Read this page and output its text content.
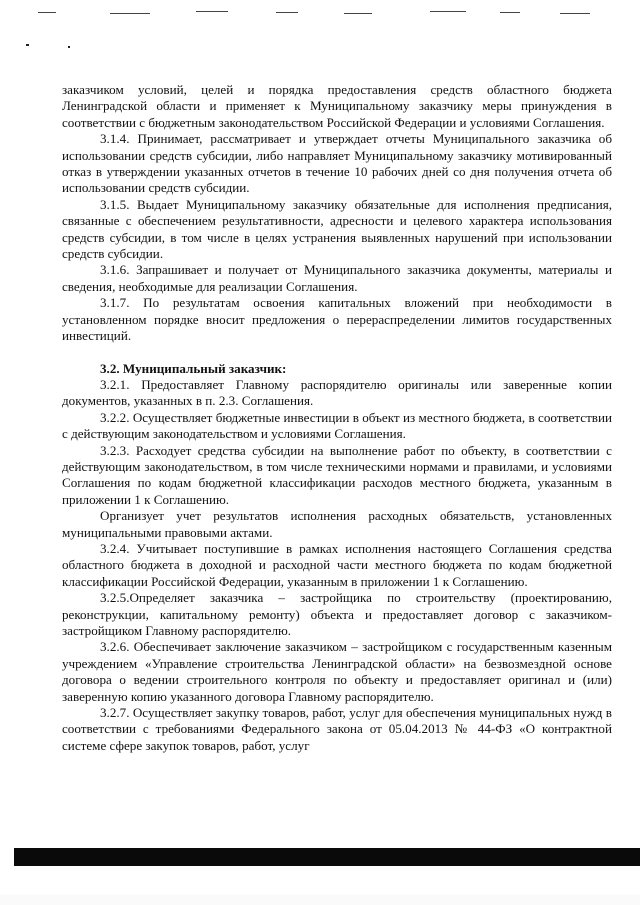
заказчиком условий, целей и порядка предоставления средств областного бюджета Ленинградской области и применяет к Муниципальному заказчику меры принуждения в соответствии с бюджетным законодательством Российской Федерации и условиями Соглашения.

3.1.4. Принимает, рассматривает и утверждает отчеты Муниципального заказчика об использовании средств субсидии, либо направляет Муниципальному заказчику мотивированный отказ в утверждении указанных отчетов в течение 10 рабочих дней со дня получения отчета об использовании средств субсидии.

3.1.5. Выдает Муниципальному заказчику обязательные для исполнения предписания, связанные с обеспечением результативности, адресности и целевого характера использования средств субсидии, в том числе в целях устранения выявленных нарушений при использовании средств субсидии.

3.1.6. Запрашивает и получает от Муниципального заказчика документы, материалы и сведения, необходимые для реализации Соглашения.

3.1.7. По результатам освоения капитальных вложений при необходимости в установленном порядке вносит предложения о перераспределении лимитов государственных инвестиций.

3.2. Муниципальный заказчик:

3.2.1. Предоставляет Главному распорядителю оригиналы или заверенные копии документов, указанных в п. 2.3. Соглашения.

3.2.2. Осуществляет бюджетные инвестиции в объект из местного бюджета, в соответствии с действующим законодательством и условиями Соглашения.

3.2.3. Расходует средства субсидии на выполнение работ по объекту, в соответствии с действующим законодательством, в том числе техническими нормами и правилами, и условиями Соглашения по кодам бюджетной классификации расходов местного бюджета, указанным в приложении 1 к Соглашению.

Организует учет результатов исполнения расходных обязательств, установленных муниципальными правовыми актами.

3.2.4. Учитывает поступившие в рамках исполнения настоящего Соглашения средства областного бюджета в доходной и расходной части местного бюджета по кодам бюджетной классификации Российской Федерации, указанным в приложении 1 к Соглашению.

3.2.5.Определяет заказчика – застройщика по строительству (проектированию, реконструкции, капитальному ремонту) объекта и предоставляет договор с заказчиком-застройщиком Главному распорядителю.

3.2.6. Обеспечивает заключение заказчиком – застройщиком с государственным казенным учреждением «Управление строительства Ленинградской области» на безвозмездной основе договора о ведении строительного контроля по объекту и предоставляет оригинал и (или) заверенную копию указанного договора Главному распорядителю.

3.2.7. Осуществляет закупку товаров, работ, услуг для обеспечения муниципальных нужд в соответствии с требованиями Федерального закона от 05.04.2013 № 44-ФЗ «О контрактной системе сфере закупок товаров, работ, услуг
